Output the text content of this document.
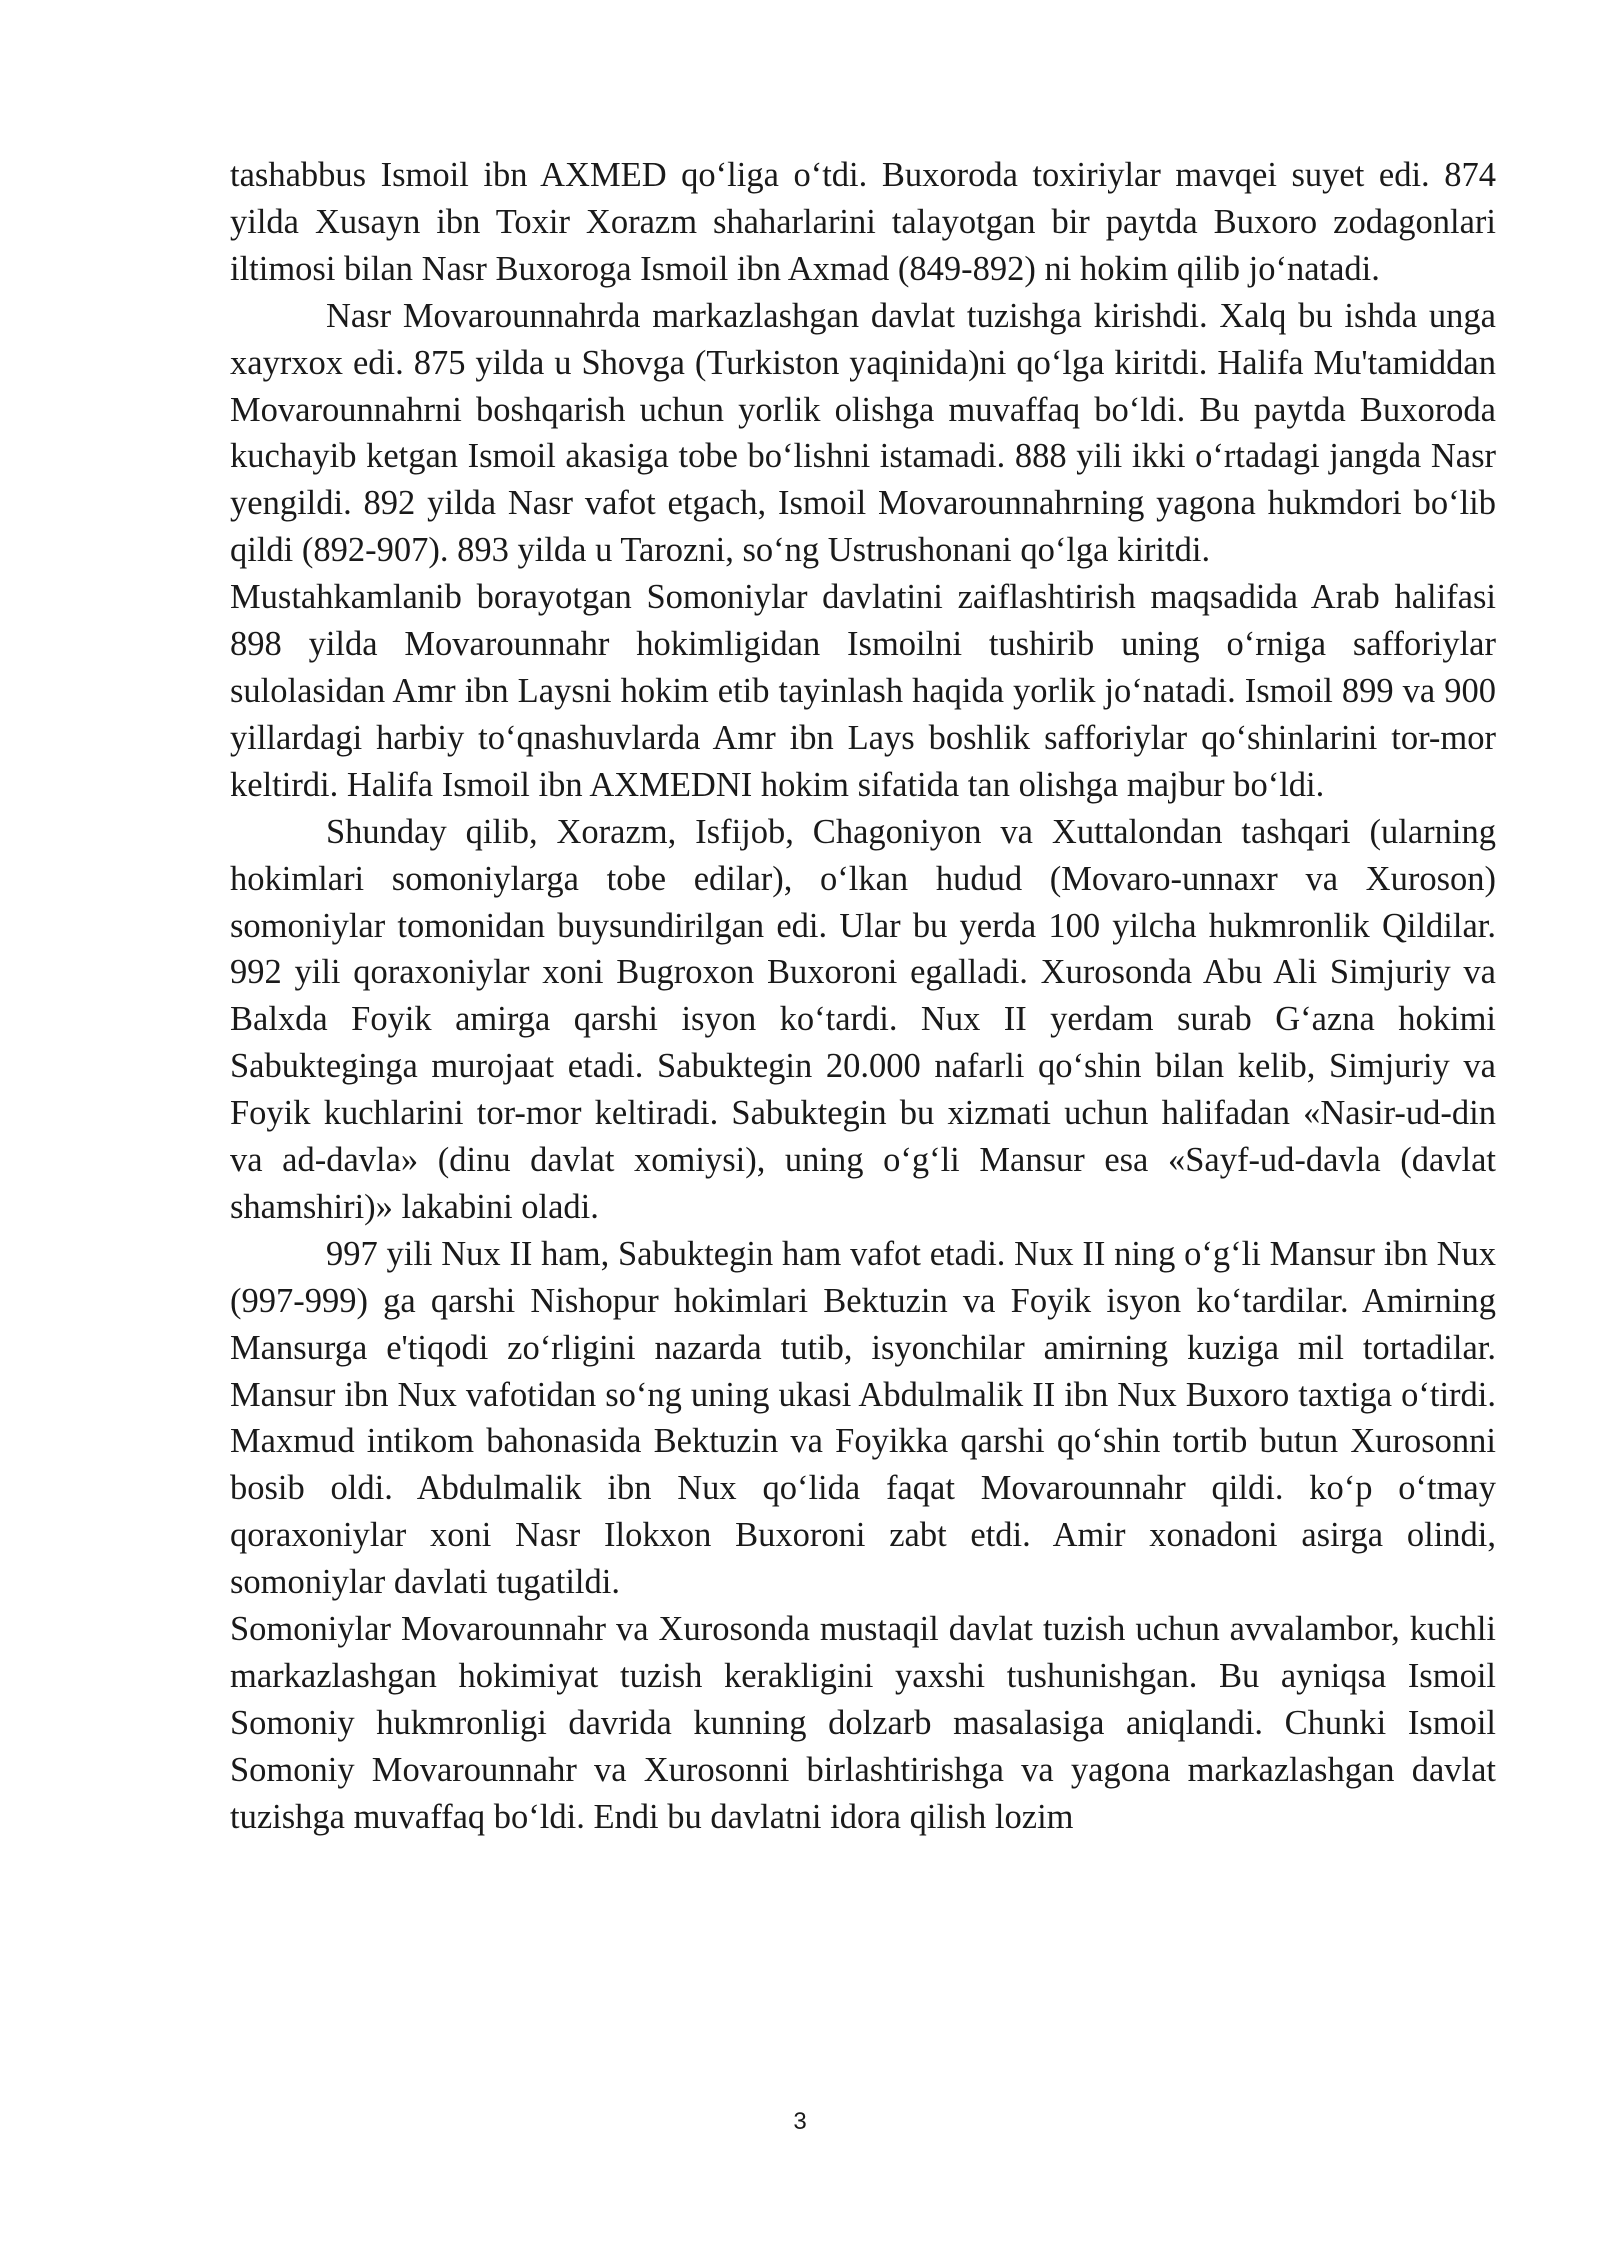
tashabbus Ismoil ibn AXMED qo‘liga o‘tdi. Buxoroda toxiriylar mavqei suyet edi. 874 yilda Xusayn ibn Toxir Xorazm shaharlarini talayotgan bir paytda Buxoro zodagonlari iltimosi bilan Nasr Buxoroga Ismoil ibn Axmad (849-892) ni hokim qilib jo‘natadi.

Nasr Movarounnahrda markazlashgan davlat tuzishga kirishdi. Xalq bu ishda unga xayrxox edi. 875 yilda u Shovga (Turkiston yaqinida)ni qo‘lga kiritdi. Halifa Mu'tamiddan Movarounnahrni boshqarish uchun yorlik olishga muvaffaq bo‘ldi. Bu paytda Buxoroda kuchayib ketgan Ismoil akasiga tobe bo‘lishni istamadi. 888 yili ikki o‘rtadagi jangda Nasr yengildi. 892 yilda Nasr vafot etgach, Ismoil Movarounnahrning yagona hukmdori bo‘lib qildi (892-907). 893 yilda u Tarozni, so‘ng Ustrushonani qo‘lga kiritdi.

Mustahkamlanib borayotgan Somoniylar davlatini zaiflashtirish maqsadida Arab halifasi 898 yilda Movarounnahr hokimligidan Ismoilni tushirib uning o‘rniga safforiylar sulolasidan Amr ibn Laysni hokim etib tayinlash haqida yorlik jo‘natadi. Ismoil 899 va 900 yillardagi harbiy to‘qnashuvlarda Amr ibn Lays boshlik safforiylar qo‘shinlarini tor-mor keltirdi. Halifa Ismoil ibn AXMEDNI hokim sifatida tan olishga majbur bo‘ldi.

Shunday qilib, Xorazm, Isfijob, Chagoniyon va Xuttalondan tashqari (ularning hokimlari somoniylarga tobe edilar), o‘lkan hudud (Movaro-unnaxr va Xuroson) somoniylar tomonidan buysundirilgan edi. Ular bu yerda 100 yilcha hukmronlik Qildilar. 992 yili qoraxoniylar xoni Bugroxon Buxoroni egalladi. Xurosonda Abu Ali Simjuriy va Balxda Foyik amirga qarshi isyon ko‘tardi. Nux II yerdam surab G‘azna hokimi Sabukteginga murojaat etadi. Sabuktegin 20.000 nafarli qo‘shin bilan kelib, Simjuriy va Foyik kuchlarini tor-mor keltiradi. Sabuktegin bu xizmati uchun halifadan «Nasir-ud-din va ad-davla» (dinu davlat xomiysi), uning o‘g‘li Mansur esa «Sayf-ud-davla (davlat shamshiri)» lakabini oladi.

997 yili Nux II ham, Sabuktegin ham vafot etadi. Nux II ning o‘g‘li Mansur ibn Nux (997-999) ga qarshi Nishopur hokimlari Bektuzin va Foyik isyon ko‘tardilar. Amirning Mansurga e'tiqodi zo‘rligini nazarda tutib, isyonchilar amirning kuziga mil tortadilar. Mansur ibn Nux vafotidan so‘ng uning ukasi Abdulmalik II ibn Nux Buxoro taxtiga o‘tirdi. Maxmud intikom bahonasida Bektuzin va Foyikka qarshi qo‘shin tortib butun Xurosonni bosib oldi. Abdulmalik ibn Nux qo‘lida faqat Movarounnahr qildi. ko‘p o‘tmay qoraxoniylar xoni Nasr Ilokxon Buxoroni zabt etdi. Amir xonadoni asirga olindi, somoniylar davlati tugatildi.

Somoniylar Movarounnahr va Xurosonda mustaqil davlat tuzish uchun avvalambor, kuchli markazlashgan hokimiyat tuzish kerakligini yaxshi tushunishgan. Bu ayniqsa Ismoil Somoniy hukmronligi davrida kunning dolzarb masalasiga aniqlandi. Chunki Ismoil Somoniy Movarounnahr va Xurosonni birlashtirishga va yagona markazlashgan davlat tuzishga muvaffaq bo‘ldi. Endi bu davlatni idora qilish lozim

3
